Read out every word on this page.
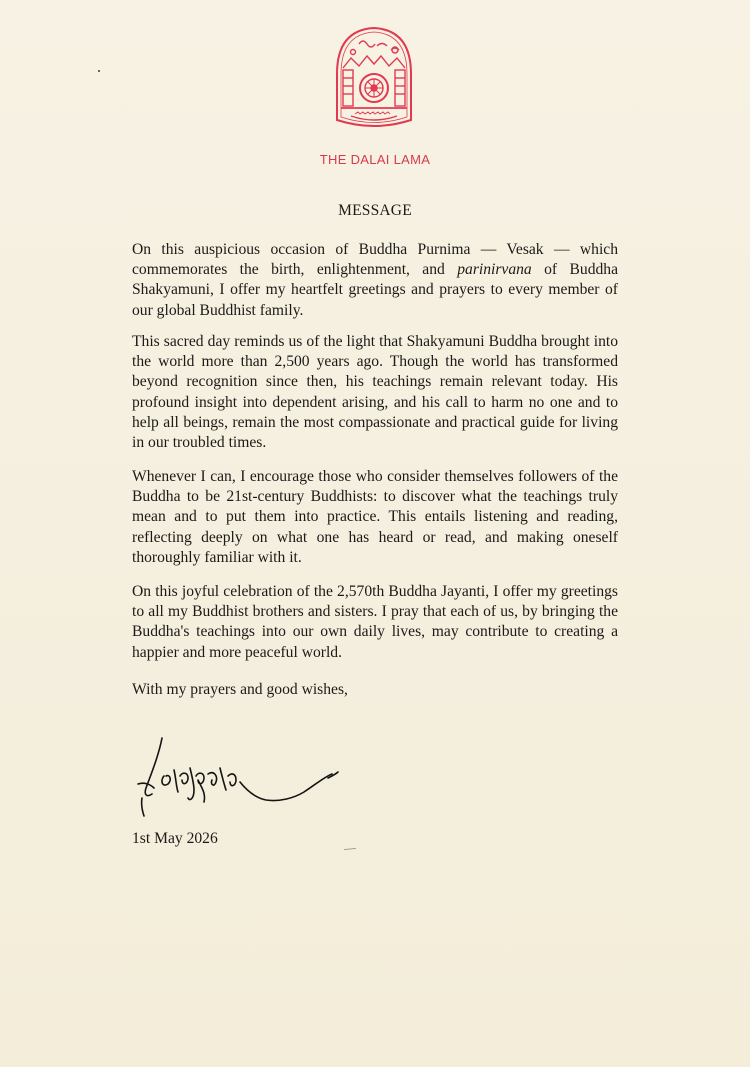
THE DALAI LAMA
MESSAGE

On this auspicious occasion of Buddha Purnima — Vesak — which commemorates the birth, enlightenment, and parinirvana of Buddha Shakyamuni, I offer my heartfelt greetings and prayers to every member of our global Buddhist family.

This sacred day reminds us of the light that Shakyamuni Buddha brought into the world more than 2,500 years ago. Though the world has transformed beyond recognition since then, his teachings remain relevant today. His profound insight into dependent arising, and his call to harm no one and to help all beings, remain the most compassionate and practical guide for living in our troubled times.

Whenever I can, I encourage those who consider themselves followers of the Buddha to be 21st-century Buddhists: to discover what the teachings truly mean and to put them into practice. This entails listening and reading, reflecting deeply on what one has heard or read, and making oneself thoroughly familiar with it.

On this joyful celebration of the 2,570th Buddha Jayanti, I offer my greetings to all my Buddhist brothers and sisters. I pray that each of us, by bringing the Buddha's teachings into our own daily lives, may contribute to creating a happier and more peaceful world.

With my prayers and good wishes,

1st May 2026
